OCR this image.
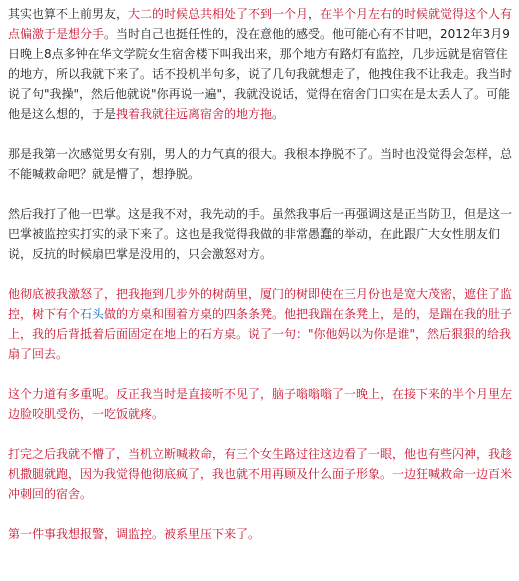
其实也算不上前男友，大二的时候总共相处了不到一个月，在半个月左右的时候就觉得这个人有点偏激于是想分手。当时自己也挺任性的，没在意他的感受。他可能心有不甘吧，2012年3月9日晚上8点多钟在华文学院女生宿舍楼下叫我出来，那个地方有路灯有监控，几步远就是宿管住的地方，所以我就下来了。话不投机半句多，说了几句我就想走了，他拽住我不让我走。我当时说了句"我操"，然后他就说"你再说一遍"，我就没说话，觉得在宿舍门口实在是太丢人了。可能他是这么想的，于是拽着我就往远离宿舍的地方拖。

那是我第一次感觉男女有别，男人的力气真的很大。我根本挣脱不了。当时也没觉得会怎样，总不能喊救命吧？就是懵了，想挣脱。

然后我打了他一巴掌。这是我不对，我先动的手。虽然我事后一再强调这是正当防卫，但是这一巴掌被监控实打实的录下来了。这也是我觉得我做的非常愚蠢的举动，在此跟广大女性朋友们说，反抗的时候扇巴掌是没用的，只会激怒对方。

他彻底被我激怒了，把我拖到几步外的树荫里，厦门的树即使在三月份也是宽大茂密，遮住了监控，树下有个石头做的方桌和围着方桌的四条条凳。他把我踹在条凳上，是的，是踹在我的肚子上，我的后背抵着后面固定在地上的石方桌。说了一句："你他妈以为你是谁"，然后狠狠的给我扇了回去。

这个力道有多重呢。反正我当时是直接听不见了，脑子嗡嗡嗡了一晚上，在接下来的半个月里左边脸咬肌受伤，一吃饭就疼。

打完之后我就不懵了，当机立断喊救命，有三个女生路过往这边看了一眼，他也有些闪神，我趁机撒腿就跑，因为我觉得他彻底疯了，我也就不用再顾及什么面子形象。一边狂喊救命一边百米冲刺回的宿舍。

第一件事我想报警，调监控。被系里压下来了。
